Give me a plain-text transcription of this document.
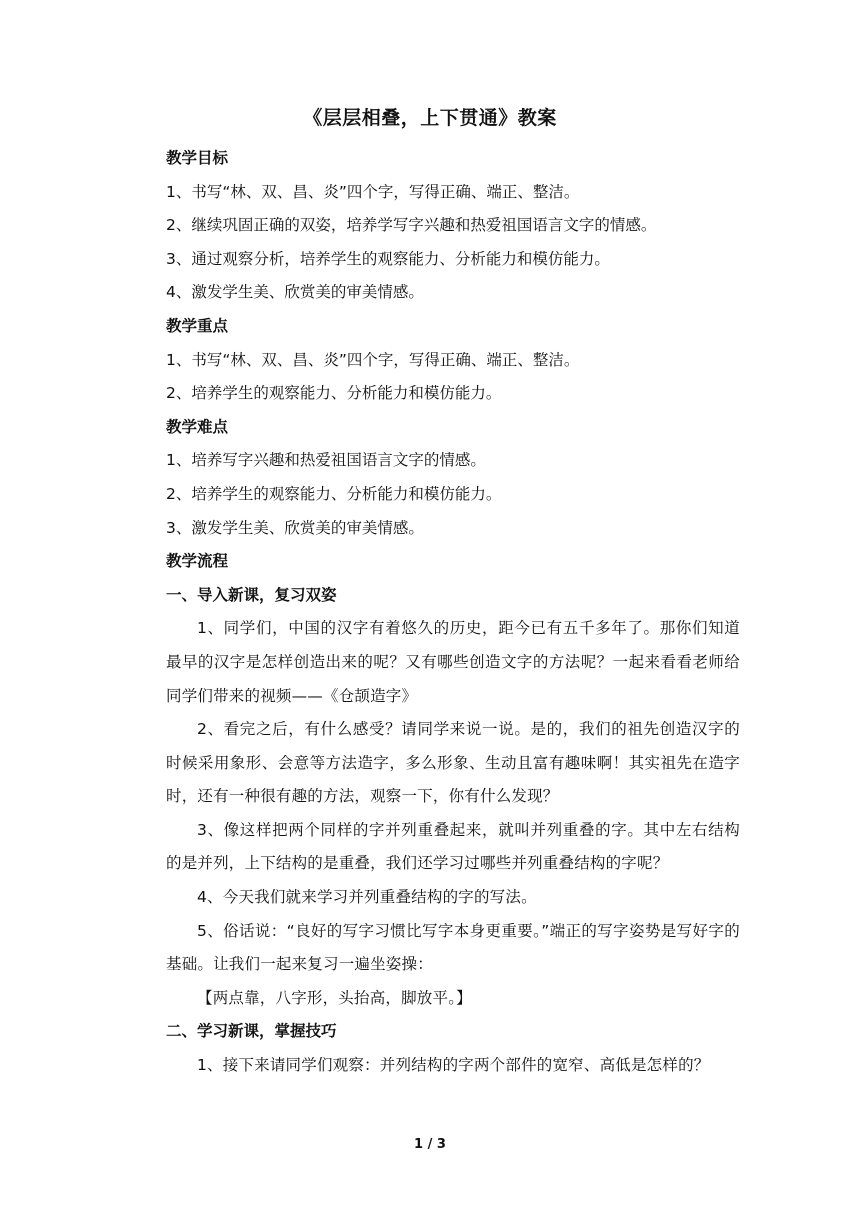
《层层相叠，上下贯通》教案

教学目标

1、书写“林、双、昌、炎”四个字，写得正确、端正、整洁。

2、继续巩固正确的双姿，培养学写字兴趣和热爱祖国语言文字的情感。

3、通过观察分析，培养学生的观察能力、分析能力和模仿能力。

4、激发学生美、欣赏美的审美情感。

教学重点

1、书写“林、双、昌、炎”四个字，写得正确、端正、整洁。

2、培养学生的观察能力、分析能力和模仿能力。

教学难点

1、培养写字兴趣和热爱祖国语言文字的情感。

2、培养学生的观察能力、分析能力和模仿能力。

3、激发学生美、欣赏美的审美情感。

教学流程

一、导入新课，复习双姿

1、同学们，中国的汉字有着悠久的历史，距今已有五千多年了。那你们知道最早的汉字是怎样创造出来的呢？又有哪些创造文字的方法呢？一起来看看老师给同学们带来的视频——《仓颉造字》

2、看完之后，有什么感受？请同学来说一说。是的，我们的祖先创造汉字的时候采用象形、会意等方法造字，多么形象、生动且富有趣味啊！其实祖先在造字时，还有一种很有趣的方法，观察一下，你有什么发现？

3、像这样把两个同样的字并列重叠起来，就叫并列重叠的字。其中左右结构的是并列，上下结构的是重叠，我们还学习过哪些并列重叠结构的字呢？

4、今天我们就来学习并列重叠结构的字的写法。

5、俗话说：“良好的写字习惯比写字本身更重要。”端正的写字姿势是写好字的基础。让我们一起来复习一遍坐姿操：

【两点靠，八字形，头抬高，脚放平。】

二、学习新课，掌握技巧

1、接下来请同学们观察：并列结构的字两个部件的宽窄、高低是怎样的？

1 / 3
